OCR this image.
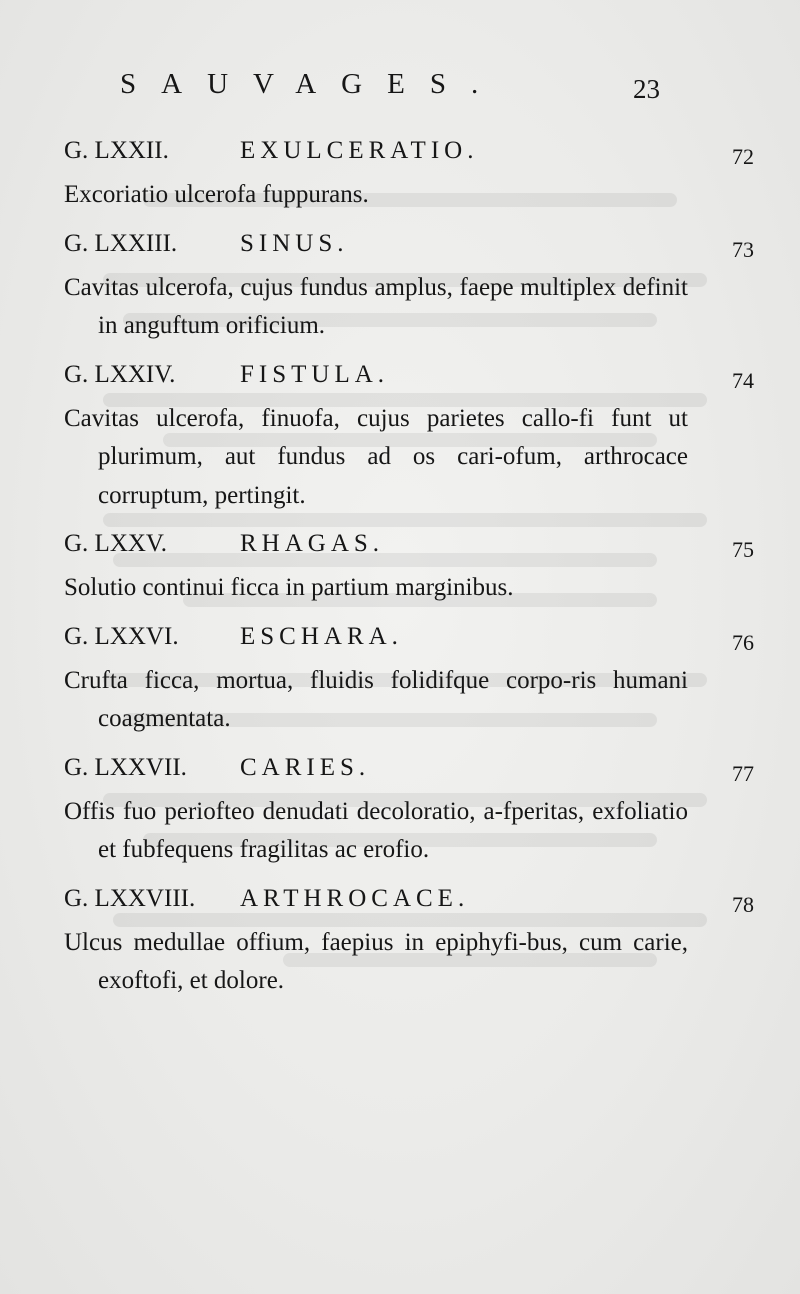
SAUVAGES.	23
G. LXXII.	EXULCERATIO.	72

Excoriatio ulcerofa fuppurans.

G. LXXIII.	SINUS.	73

Cavitas ulcerofa, cujus fundus amplus, faepe multiplex definit in anguftum orificium.

G. LXXIV.	FISTULA.	74

Cavitas ulcerofa, finuofa, cujus parietes callo-fi funt ut plurimum, aut fundus ad os cari-ofum, arthrocace corruptum, pertingit.

G. LXXV.	RHAGAS.	75

Solutio continui ficca in partium marginibus.

G. LXXVI. ESCHARA.	76

Crufta ficca, mortua, fluidis folidifque corpo-ris humani coagmentata.

G. LXXVII. CARIES.	77

Offis fuo periofteo denudati decoloratio, a-fperitas, exfoliatio et fubfequens fragilitas ac erofio.

G. LXXVIII. ARTHROCACE.	78

Ulcus medullae offium, faepius in epiphyfi-bus, cum carie, exoftofi, et dolore.
